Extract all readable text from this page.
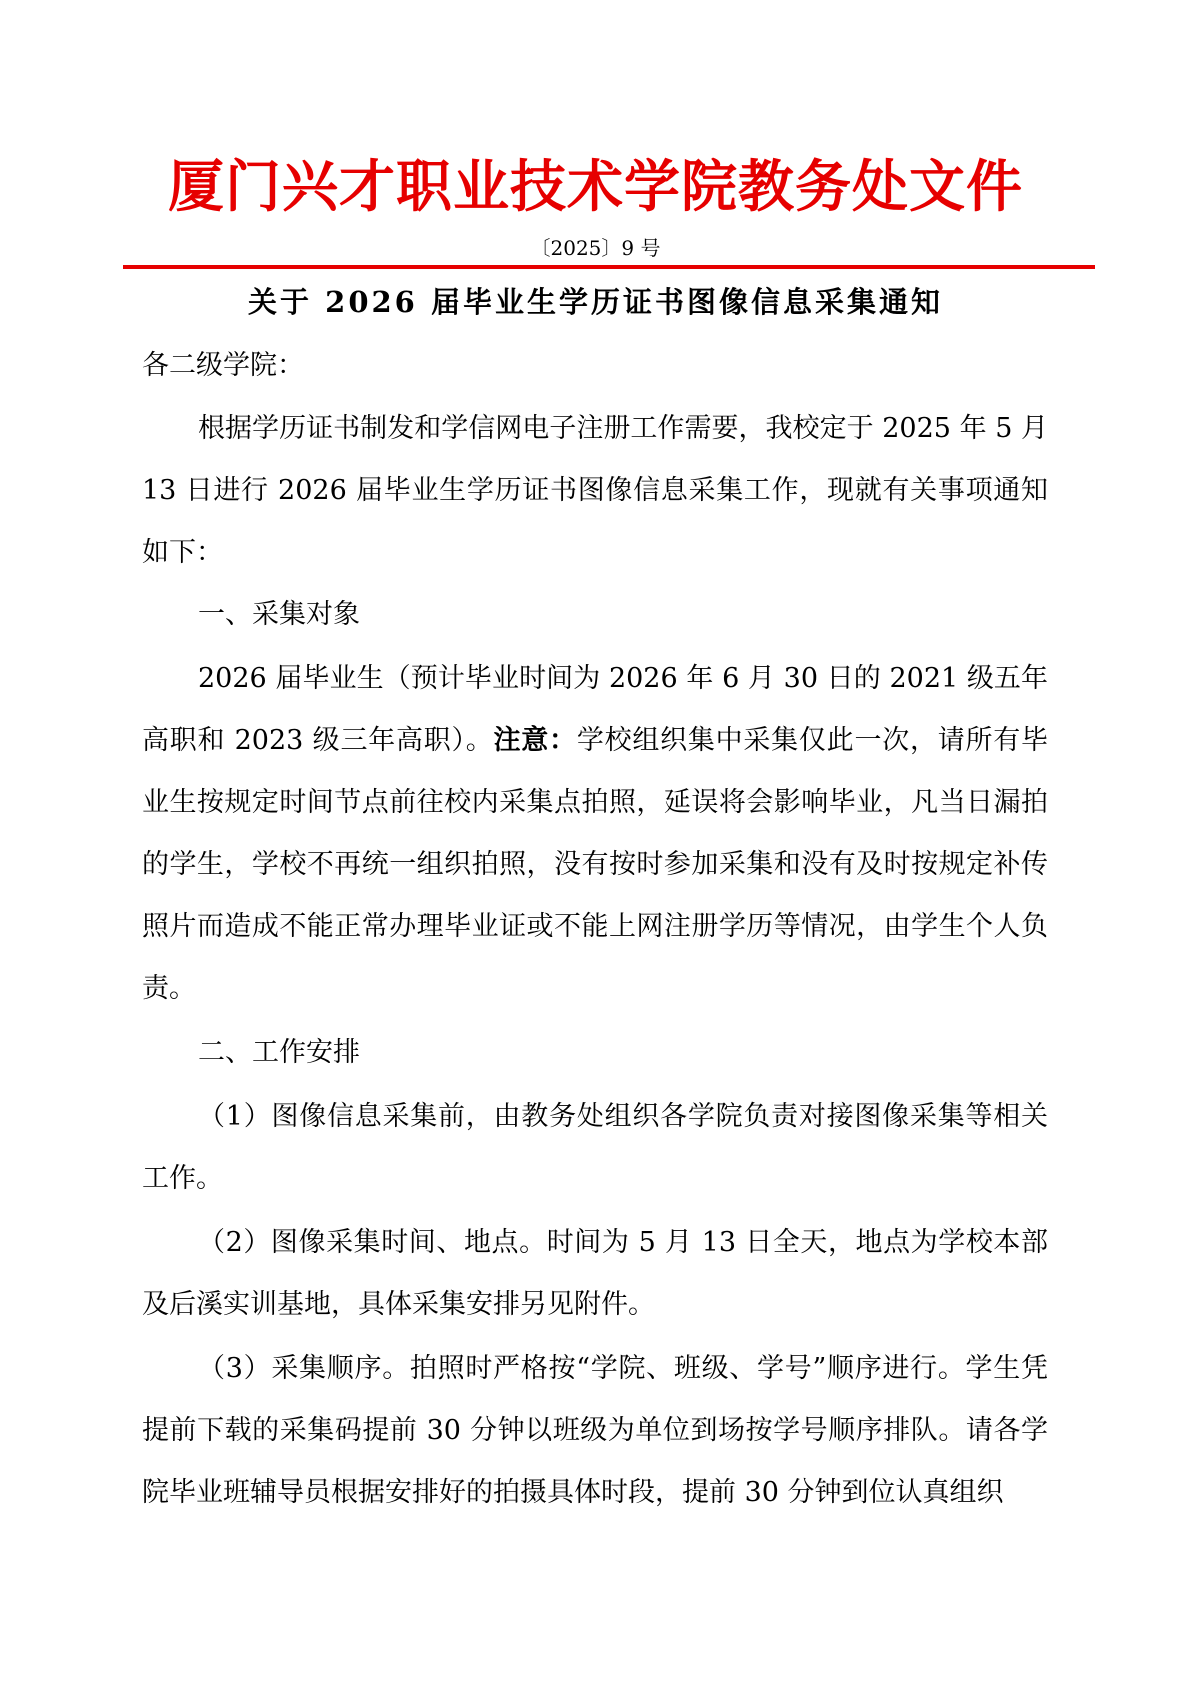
厦门兴才职业技术学院教务处文件
〔2025〕9 号
关于 2026 届毕业生学历证书图像信息采集通知

各二级学院：

根据学历证书制发和学信网电子注册工作需要，我校定于 2025 年 5 月 13 日进行 2026 届毕业生学历证书图像信息采集工作，现就有关事项通知如下：

一、采集对象

2026 届毕业生（预计毕业时间为 2026 年 6 月 30 日的 2021 级五年高职和 2023 级三年高职）。注意：学校组织集中采集仅此一次，请所有毕业生按规定时间节点前往校内采集点拍照，延误将会影响毕业，凡当日漏拍的学生，学校不再统一组织拍照，没有按时参加采集和没有及时按规定补传照片而造成不能正常办理毕业证或不能上网注册学历等情况，由学生个人负责。

二、工作安排

（1）图像信息采集前，由教务处组织各学院负责对接图像采集等相关工作。

（2）图像采集时间、地点。时间为 5 月 13 日全天，地点为学校本部及后溪实训基地，具体采集安排另见附件。

（3）采集顺序。拍照时严格按“学院、班级、学号”顺序进行。学生凭提前下载的采集码提前 30 分钟以班级为单位到场按学号顺序排队。请各学院毕业班辅导员根据安排好的拍摄具体时段，提前 30 分钟到位认真组织
